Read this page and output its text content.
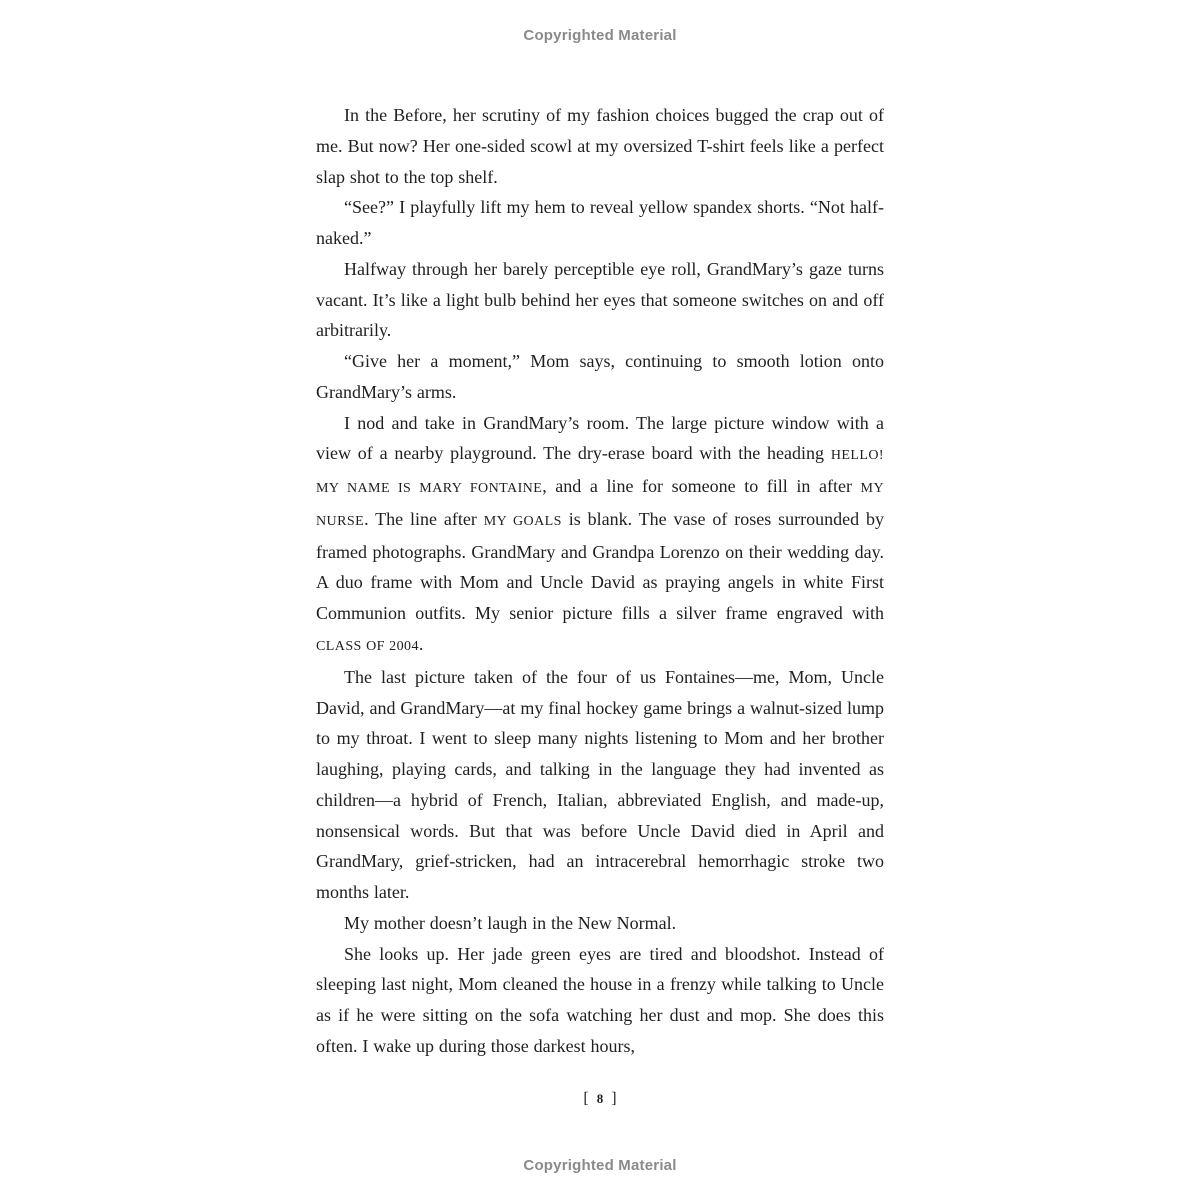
Copyrighted Material

In the Before, her scrutiny of my fashion choices bugged the crap out of me. But now? Her one-sided scowl at my oversized T-shirt feels like a perfect slap shot to the top shelf.

“See?” I playfully lift my hem to reveal yellow spandex shorts. “Not half-naked.”

Halfway through her barely perceptible eye roll, GrandMary’s gaze turns vacant. It’s like a light bulb behind her eyes that someone switches on and off arbitrarily.

“Give her a moment,” Mom says, continuing to smooth lotion onto GrandMary’s arms.

I nod and take in GrandMary’s room. The large picture window with a view of a nearby playground. The dry-erase board with the heading HELLO! MY NAME IS MARY FONTAINE, and a line for someone to fill in after MY NURSE. The line after MY GOALS is blank. The vase of roses surrounded by framed photographs. GrandMary and Grandpa Lorenzo on their wedding day. A duo frame with Mom and Uncle David as praying angels in white First Communion outfits. My senior picture fills a silver frame engraved with CLASS OF 2004.

The last picture taken of the four of us Fontaines—me, Mom, Uncle David, and GrandMary—at my final hockey game brings a walnut-sized lump to my throat. I went to sleep many nights listening to Mom and her brother laughing, playing cards, and talking in the language they had invented as children—a hybrid of French, Italian, abbreviated English, and made-up, nonsensical words. But that was before Uncle David died in April and GrandMary, grief-stricken, had an intracerebral hemorrhagic stroke two months later.

My mother doesn’t laugh in the New Normal.

She looks up. Her jade green eyes are tired and bloodshot. Instead of sleeping last night, Mom cleaned the house in a frenzy while talking to Uncle as if he were sitting on the sofa watching her dust and mop. She does this often. I wake up during those darkest hours,

[ 8 ]
Copyrighted Material
